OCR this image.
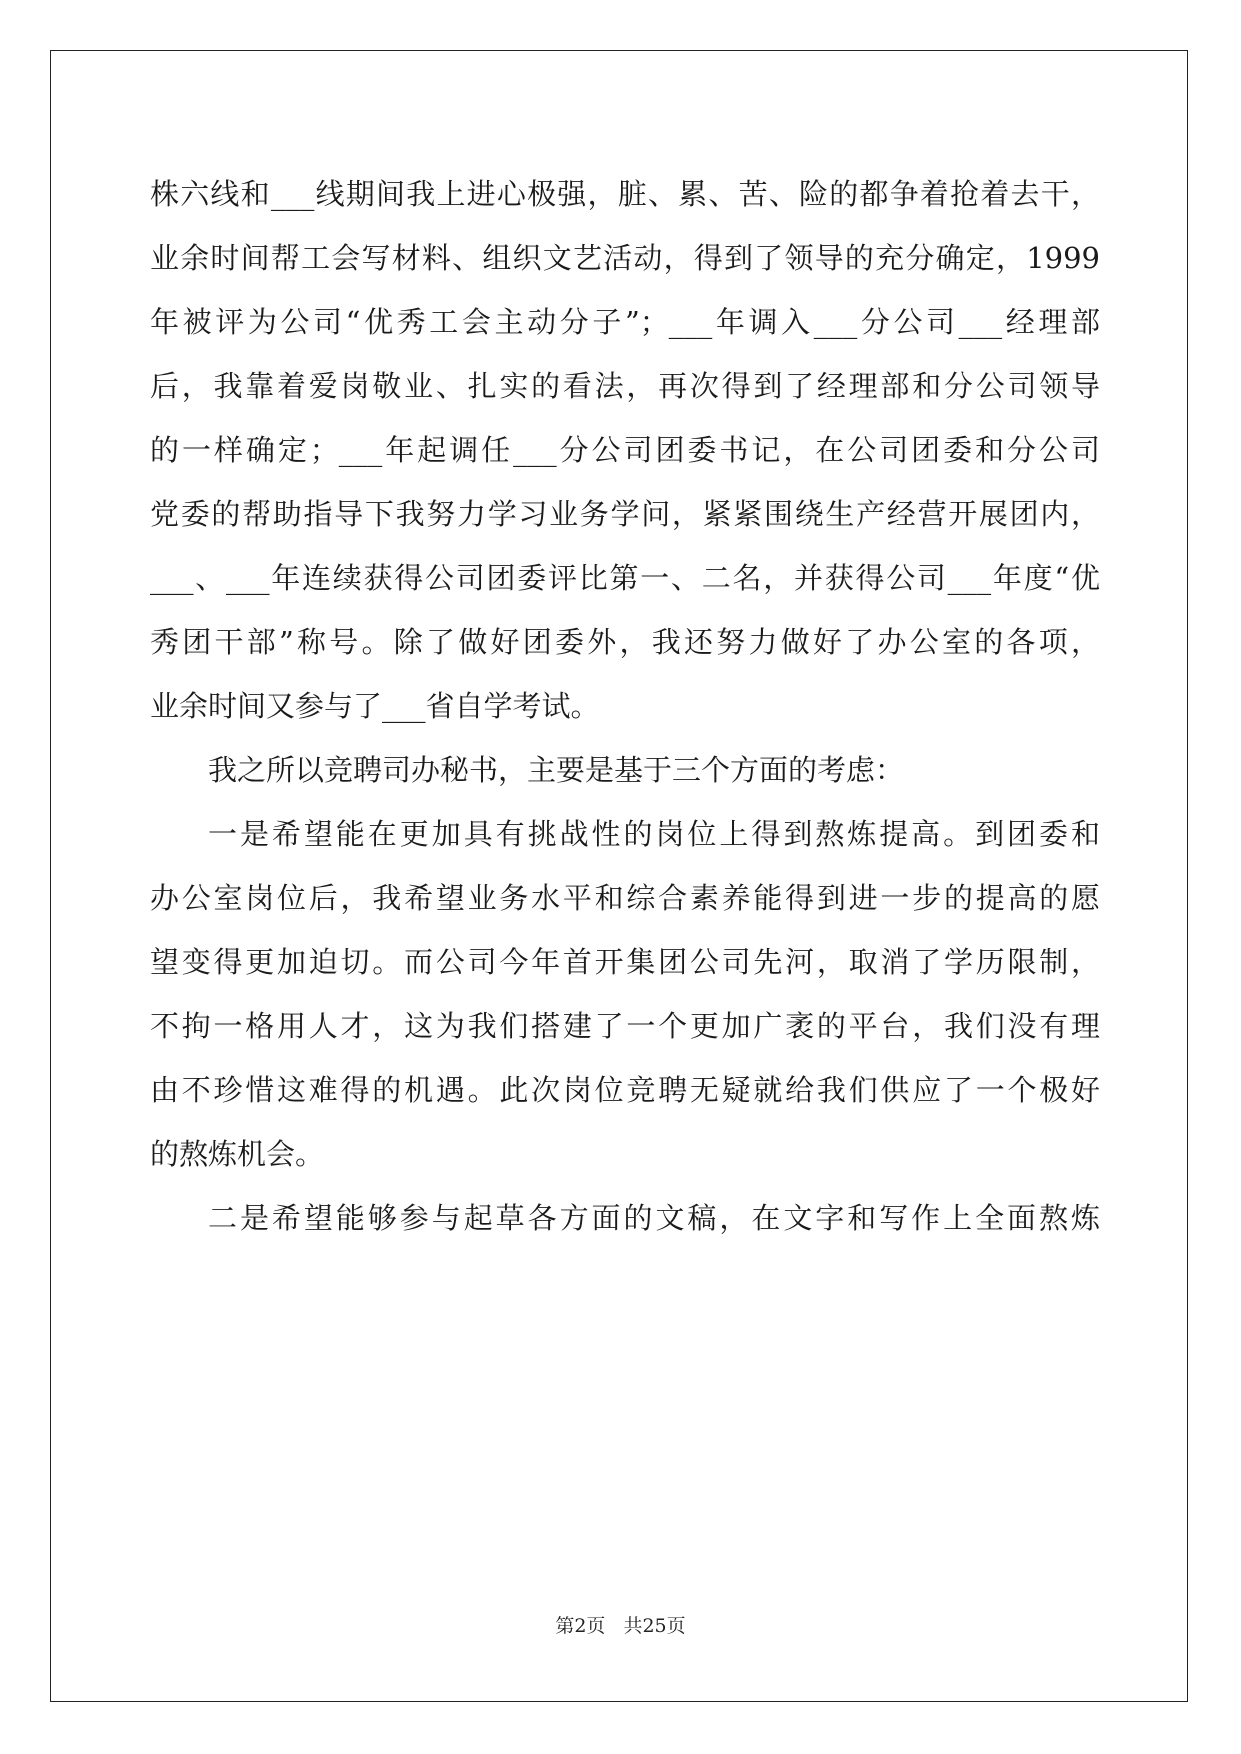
株六线和___线期间我上进心极强，脏、累、苦、险的都争着抢着去干，
业余时间帮工会写材料、组织文艺活动，得到了领导的充分确定，1999
年被评为公司“优秀工会主动分子”；___年调入___分公司___经理部
后，我靠着爱岗敬业、扎实的看法，再次得到了经理部和分公司领导
的一样确定；___年起调任___分公司团委书记，在公司团委和分公司
党委的帮助指导下我努力学习业务学问，紧紧围绕生产经营开展团内，
___、___年连续获得公司团委评比第一、二名，并获得公司___年度“优
秀团干部”称号。除了做好团委外，我还努力做好了办公室的各项，
业余时间又参与了___省自学考试。
我之所以竞聘司办秘书，主要是基于三个方面的考虑：
一是希望能在更加具有挑战性的岗位上得到熬炼提高。到团委和
办公室岗位后，我希望业务水平和综合素养能得到进一步的提高的愿
望变得更加迫切。而公司今年首开集团公司先河，取消了学历限制，
不拘一格用人才，这为我们搭建了一个更加广袤的平台，我们没有理
由不珍惜这难得的机遇。此次岗位竞聘无疑就给我们供应了一个极好
的熬炼机会。
二是希望能够参与起草各方面的文稿，在文字和写作上全面熬炼
第2页 共25页
